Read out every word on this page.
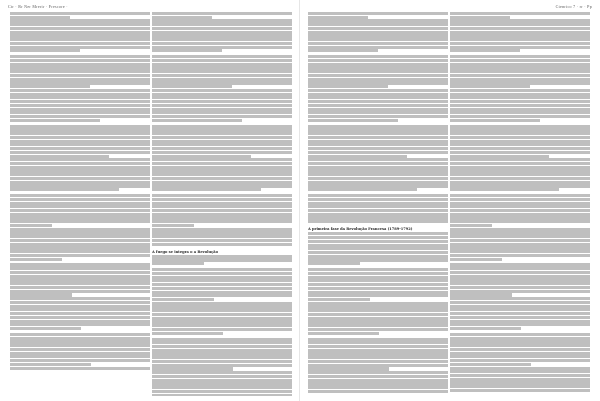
Ctr · Rr Ner Mrerir · Frescore ·	Ctenrico 7 · rr · Pp
A fuego se integra o a Revolução
A primeira fase da Revolução Francesa (1789-1792)
